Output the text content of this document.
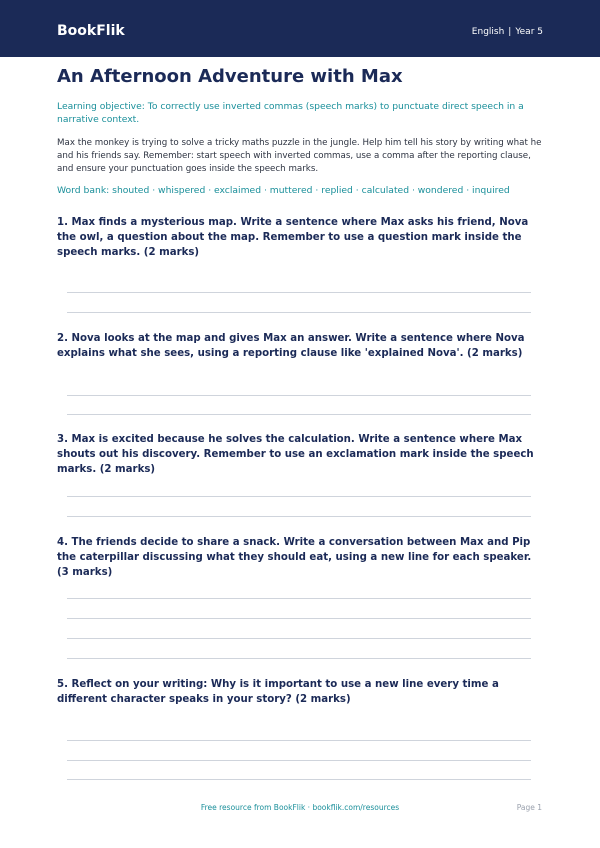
BookFlik	English | Year 5
An Afternoon Adventure with Max
Learning objective: To correctly use inverted commas (speech marks) to punctuate direct speech in a narrative context.
Max the monkey is trying to solve a tricky maths puzzle in the jungle. Help him tell his story by writing what he and his friends say. Remember: start speech with inverted commas, use a comma after the reporting clause, and ensure your punctuation goes inside the speech marks.
Word bank: shouted · whispered · exclaimed · muttered · replied · calculated · wondered · inquired
1. Max finds a mysterious map. Write a sentence where Max asks his friend, Nova the owl, a question about the map. Remember to use a question mark inside the speech marks. (2 marks)
2. Nova looks at the map and gives Max an answer. Write a sentence where Nova explains what she sees, using a reporting clause like 'explained Nova'. (2 marks)
3. Max is excited because he solves the calculation. Write a sentence where Max shouts out his discovery. Remember to use an exclamation mark inside the speech marks. (2 marks)
4. The friends decide to share a snack. Write a conversation between Max and Pip the caterpillar discussing what they should eat, using a new line for each speaker. (3 marks)
5. Reflect on your writing: Why is it important to use a new line every time a different character speaks in your story? (2 marks)
Free resource from BookFlik · bookflik.com/resources	Page 1
